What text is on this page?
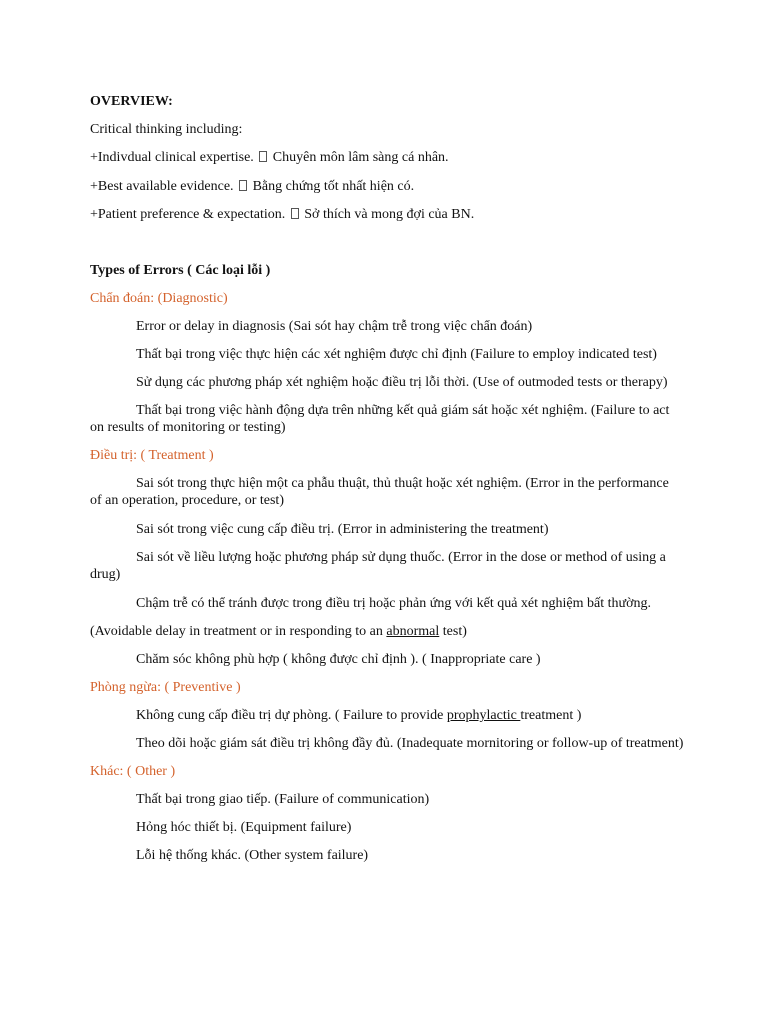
OVERVIEW:
Critical thinking including:
+Indivdual clinical expertise. Chuyên môn lâm sàng cá nhân.
+Best available evidence. Bằng chứng tốt nhất hiện có.
+Patient preference & expectation. Sở thích và mong đợi của BN.
Types of Errors ( Các loại lỗi )
Chẩn đoán: (Diagnostic)
Error or delay in diagnosis (Sai sót hay chậm trễ trong việc chẩn đoán)
Thất bại trong việc thực hiện các xét nghiệm được chỉ định (Failure to employ indicated test)
Sử dụng các phương pháp xét nghiệm hoặc điều trị lỗi thời. (Use of outmoded tests or therapy)
Thất bại trong việc hành động dựa trên những kết quả giám sát hoặc xét nghiệm. (Failure to act on results of monitoring or testing)
Điều trị: ( Treatment )
Sai sót trong thực hiện một ca phẫu thuật, thủ thuật hoặc xét nghiệm. (Error in the performance of an operation, procedure, or test)
Sai sót trong việc cung cấp điều trị. (Error in administering the treatment)
Sai sót về liều lượng hoặc phương pháp sử dụng thuốc. (Error in the dose or method of using a drug)
Chậm trễ có thể tránh được trong điều trị hoặc phản ứng với kết quả xét nghiệm bất thường.
(Avoidable delay in treatment or in responding to an abnormal test)
Chăm sóc không phù hợp ( không được chỉ định ). ( Inappropriate care )
Phòng ngừa: ( Preventive )
Không cung cấp điều trị dự phòng. ( Failure to provide prophylactic treatment )
Theo dõi hoặc giám sát điều trị không đầy đủ. (Inadequate mornitoring or follow-up of treatment)
Khác: ( Other )
Thất bại trong giao tiếp. (Failure of communication)
Hỏng hóc thiết bị. (Equipment failure)
Lỗi hệ thống khác. (Other system failure)
